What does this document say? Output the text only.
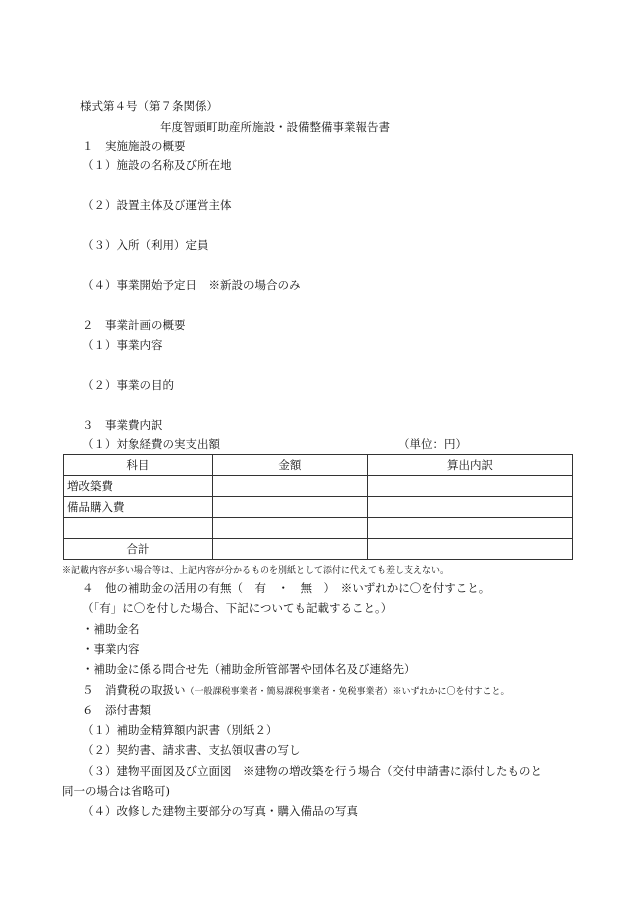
様式第４号（第７条関係）
年度智頭町助産所施設・設備整備事業報告書
１　実施施設の概要
（１）施設の名称及び所在地
（２）設置主体及び運営主体
（３）入所（利用）定員
（４）事業開始予定日　※新設の場合のみ
２　事業計画の概要
（１）事業内容
（２）事業の目的
３　事業費内訳
（１）対象経費の実支出額	（単位：円）
科目	金額	算出内訳
増改築費		
備品購入費		

合計		
※記載内容が多い場合等は、上記内容が分かるものを別紙として添付に代えても差し支えない。
４　他の補助金の活用の有無（　有　・　無　）　※いずれかに〇を付すこと。
（「有」に〇を付した場合、下記についても記載すること。）
・補助金名
・事業内容
・補助金に係る問合せ先（補助金所管部署や団体名及び連絡先）
５　消費税の取扱い（一般課税事業者・簡易課税事業者・免税事業者）※いずれかに〇を付すこと。
６　添付書類
（１）補助金精算額内訳書（別紙２）
（２）契約書、請求書、支払領収書の写し
（３）建物平面図及び立面図　※建物の増改築を行う場合（交付申請書に添付したものと
同一の場合は省略可)
（４）改修した建物主要部分の写真・購入備品の写真
